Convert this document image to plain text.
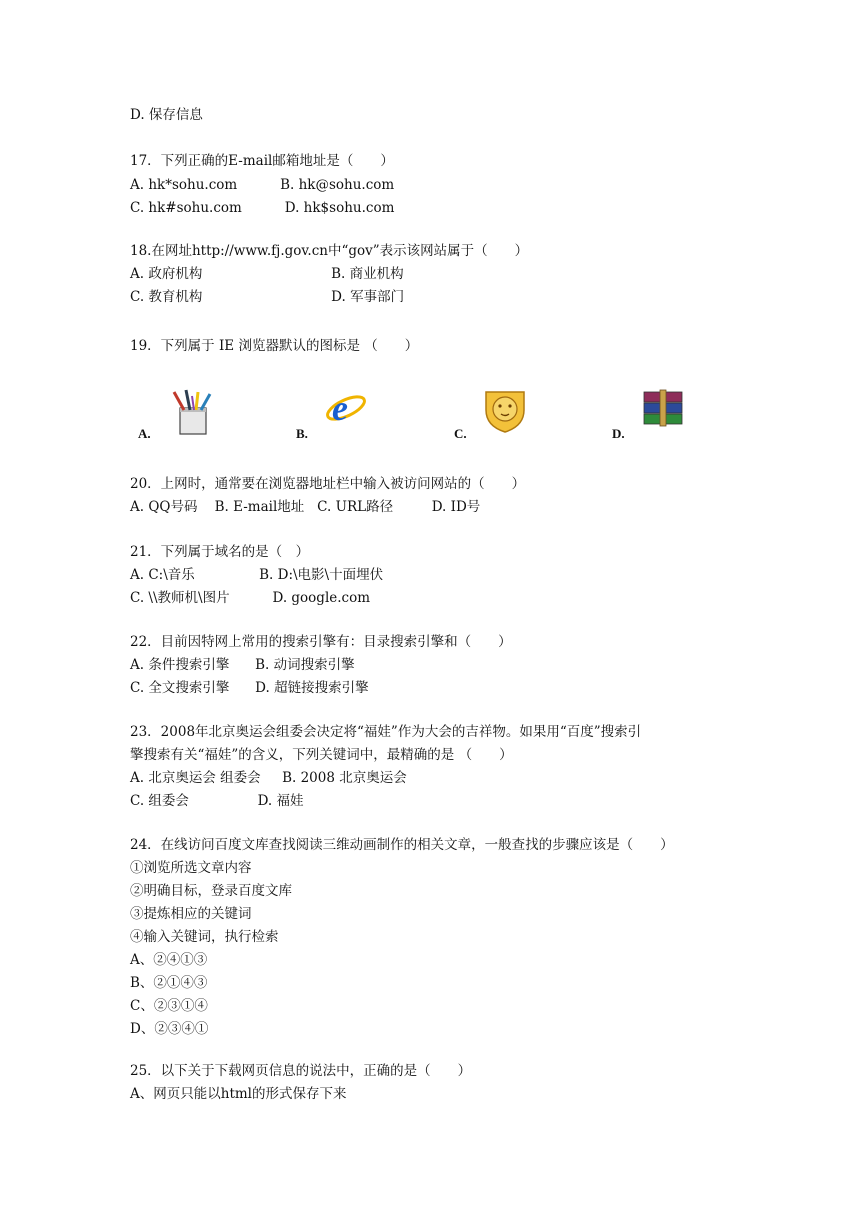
D. 保存信息
17．下列正确的E-mail邮箱地址是（　　）
A. hk*sohu.com          B. hk@sohu.com
C. hk#sohu.com          D. hk$sohu.com
18.在网址http://www.fj.gov.cn中“gov”表示该网站属于（　　）
A. 政府机构                              B. 商业机构
C. 教育机构                              D. 军事部门
19．下列属于 IE 浏览器默认的图标是 （　　）
A.	B.
e
C.	D.
20．上网时，通常要在浏览器地址栏中输入被访问网站的（　　）
A. QQ号码    B. E-mail地址   C. URL路径         D. ID号
21．下列属于域名的是（　）
A. C:\音乐               B. D:\电影\十面埋伏
C. \\教师机\图片          D. google.com
22．目前因特网上常用的搜索引擎有：目录搜索引擎和（　　）
A. 条件搜索引擎      B. 动词搜索引擎
C. 全文搜索引擎      D. 超链接搜索引擎
23．2008年北京奥运会组委会决定将“福娃”作为大会的吉祥物。如果用“百度”搜索引
擎搜索有关“福娃”的含义，下列关键词中，最精确的是 （　　）
A. 北京奥运会 组委会     B. 2008 北京奥运会
C. 组委会                D. 福娃
24．在线访问百度文库查找阅读三维动画制作的相关文章，一般查找的步骤应该是（　　）
①浏览所选文章内容
②明确目标，登录百度文库
③提炼相应的关键词
④输入关键词，执行检索
A、②④①③
B、②①④③
C、②③①④
D、②③④①
25．以下关于下载网页信息的说法中，正确的是（　　）
A、网页只能以html的形式保存下来
